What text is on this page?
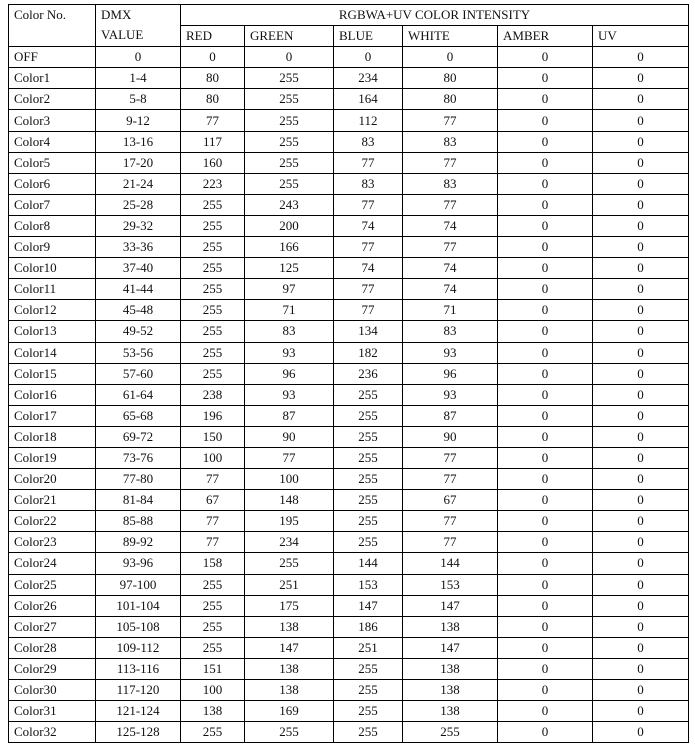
Color No.	DMX
VALUE	RGBWA+UV COLOR INTENSITY					
		RED	GREEN	BLUE	WHITE	AMBER	UV
OFF	0	0	0	0	0	0	0
Color1	1-4	80	255	234	80	0	0
Color2	5-8	80	255	164	80	0	0
Color3	9-12	77	255	112	77	0	0
Color4	13-16	117	255	83	83	0	0
Color5	17-20	160	255	77	77	0	0
Color6	21-24	223	255	83	83	0	0
Color7	25-28	255	243	77	77	0	0
Color8	29-32	255	200	74	74	0	0
Color9	33-36	255	166	77	77	0	0
Color10	37-40	255	125	74	74	0	0
Color11	41-44	255	97	77	74	0	0
Color12	45-48	255	71	77	71	0	0
Color13	49-52	255	83	134	83	0	0
Color14	53-56	255	93	182	93	0	0
Color15	57-60	255	96	236	96	0	0
Color16	61-64	238	93	255	93	0	0
Color17	65-68	196	87	255	87	0	0
Color18	69-72	150	90	255	90	0	0
Color19	73-76	100	77	255	77	0	0
Color20	77-80	77	100	255	77	0	0
Color21	81-84	67	148	255	67	0	0
Color22	85-88	77	195	255	77	0	0
Color23	89-92	77	234	255	77	0	0
Color24	93-96	158	255	144	144	0	0
Color25	97-100	255	251	153	153	0	0
Color26	101-104	255	175	147	147	0	0
Color27	105-108	255	138	186	138	0	0
Color28	109-112	255	147	251	147	0	0
Color29	113-116	151	138	255	138	0	0
Color30	117-120	100	138	255	138	0	0
Color31	121-124	138	169	255	138	0	0
Color32	125-128	255	255	255	255	0	0
